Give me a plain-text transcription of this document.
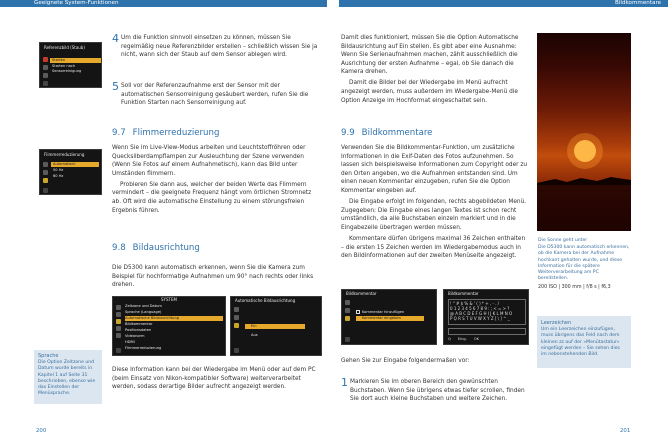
Geeignete System-Funktionen	Bildkommentare
Referenzbild (Staub)
Starten
Starten nach Sensorreinigung
4 Um die Funktion sinnvoll einsetzen zu können, müssen Sie regelmäßig neue Referenzbilder erstellen – schließlich wissen Sie ja nicht, wann sich der Staub auf dem Sensor ablegen wird.

5 Soll vor der Referenzaufnahme erst der Sensor mit der automatischen Sensorreinigung gesäubert werden, rufen Sie die Funktion Starten nach Sensorreinigung auf.

9.7 Flimmerreduzierung

Wenn Sie im Live-View-Modus arbeiten und Leuchtstoffröhren oder Quecksilberdampflampen zur Ausleuchtung der Szene verwenden (Wenn Sie Fotos auf einem Aufnahmetisch), kann das Bild unter Umständen flimmern.

Probieren Sie dann aus, welcher der beiden Werte das Flimmern vermindert – die geeignete Frequenz hängt vom örtlichen Stromnetz ab. Oft wird die automatische Einstellung zu einem störungsfreien Ergebnis führen.

Flimmerreduzierung
Automatisch
50 Hz
60 Hz
9.8 Bildausrichtung

Die D5300 kann automatisch erkennen, wenn Sie die Kamera zum Beispiel für hochformatige Aufnahmen um 90° nach rechts oder links drehen.

SYSTEM
Zeitzone und Datum
Sprache (Language)
Automatische Bildausrichtung
Bildkommentar
Positionsdaten
Videonorm
HDMI
Flimmerreduzierung
Automatische Bildausrichtung
Ein
Aus
Sprache
Die Option Zeitzone und Datum wurde bereits in Kapitel 1 auf Seite 31 beschrieben, ebenso wie das Einstellen der Menüsprache.

Diese Information kann bei der Wiedergabe im Menü oder auf dem PC (beim Einsatz von Nikon-kompatibler Software) weiterverarbeitet werden, sodass derartige Bilder aufrecht angezeigt werden.

200

Damit dies funktioniert, müssen Sie die Option Automatische Bildausrichtung auf Ein stellen. Es gibt aber eine Ausnahme: Wenn Sie Serienaufnahmen machen, zählt ausschließlich die Ausrichtung der ersten Aufnahme – egal, ob Sie danach die Kamera drehen.

Damit die Bilder bei der Wiedergabe im Menü aufrecht angezeigt werden, muss außerdem im Wiedergabe-Menü die Option Anzeige im Hochformat eingeschaltet sein.

9.9 Bildkommentare

Verwenden Sie die Bildkommentar-Funktion, um zusätzliche Informationen in die Exif-Daten des Fotos aufzunehmen. So lassen sich beispielsweise Informationen zum Copyright oder zu den Orten angeben, wo die Aufnahmen entstanden sind. Um einen neuen Kommentar einzugeben, rufen Sie die Option Kommentar eingeben auf.

Die Eingabe erfolgt im folgenden, rechts abgebildeten Menü. Zugegeben: Die Eingabe eines langen Textes ist schon recht umständlich, da alle Buchstaben einzeln markiert und in die Eingabezeile übertragen werden müssen.

Kommentare dürfen übrigens maximal 36 Zeichen enthalten – die ersten 15 Zeichen werden im Wiedergabemodus auch in den Bildinformationen auf der zweiten Menüseite angezeigt.

Bildkommentar
Kommentar hinzufügen
Kommentar eingeben
Bildkommentar
! " # $ % & ' ( ) * + , - . /
0 1 2 3 4 5 6 7 8 9 : ; < = > ?
@ A B C D E F G H I J K L M N O
P Q R S T U V W X Y Z [ \ ] ^ _
Q Eing. OK
Gehen Sie zur Eingabe folgendermaßen vor:
1 Markieren Sie im oberen Bereich den gewünschten Buchstaben. Wenn Sie übrigens etwas tiefer scrollen, finden Sie dort auch kleine Buchstaben und weitere Zeichen.

Die Sonne geht unter
Die D5300 kann automatisch erkennen, ob die Kamera bei der Aufnahme hochkant gehalten wurde, und diese Information für die spätere Weiterverarbeitung am PC bereitstellen.
200 ISO | 300 mm | f/8 s | f6,3
Leerzeichen
Um ein Leerzeichen einzufügen, muss übrigens das Feld nach dem kleinen zz auf der »Menütastatur« eingefügt werden – Sie sehen dies im nebenstehenden Bild.
201
